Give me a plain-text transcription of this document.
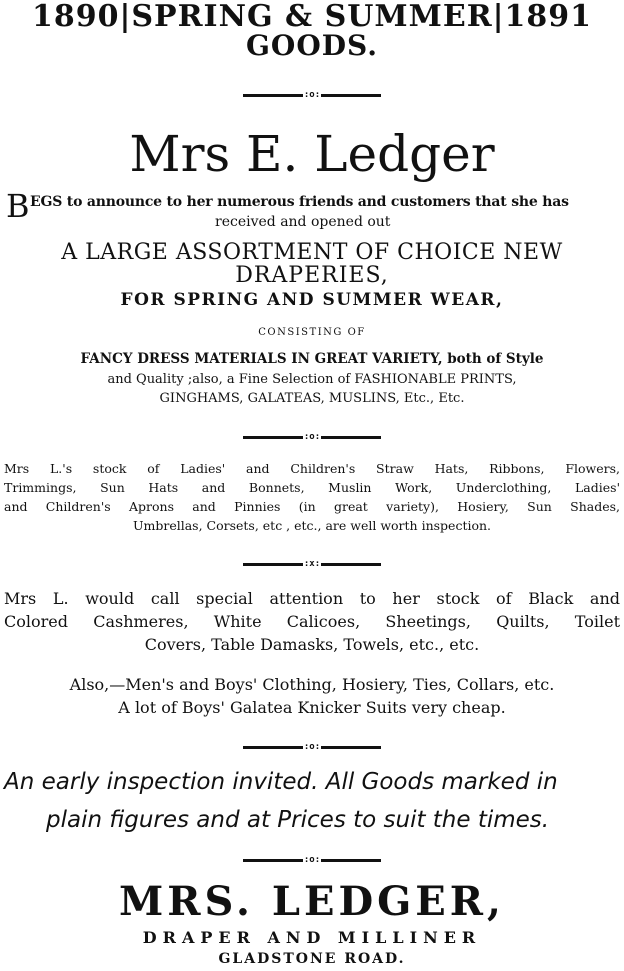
1890|SPRING & SUMMER|1891
GOODS.
:o:
Mrs E. Ledger
B EGS to announce to her numerous friends and customers that she has
received and opened out
A LARGE ASSORTMENT OF CHOICE NEW
DRAPERIES,
FOR SPRING AND SUMMER WEAR,
CONSISTING OF
FANCY DRESS MATERIALS IN GREAT VARIETY, both of Style
and Quality ;also, a Fine Selection of FASHIONABLE PRINTS,
GINGHAMS, GALATEAS, MUSLINS, Etc., Etc.
:o:
Mrs L.'s stock of Ladies' and Children's Straw Hats, Ribbons, Flowers,
Trimmings, Sun Hats and Bonnets, Muslin Work, Underclothing, Ladies'
and Children's Aprons and Pinnies (in great variety), Hosiery, Sun Shades,
Umbrellas, Corsets, etc , etc., are well worth inspection.
:x:
Mrs L. would call special attention to her stock of Black and
Colored Cashmeres, White Calicoes, Sheetings, Quilts, Toilet
Covers, Table Damasks, Towels, etc., etc.
Also,—Men's and Boys' Clothing, Hosiery, Ties, Collars, etc.
A lot of Boys' Galatea Knicker Suits very cheap.
:o:
An early inspection invited. All Goods marked in
plain figures and at Prices to suit the times.
:o:
MRS. LEDGER,
DRAPER AND MILLINER
GLADSTONE ROAD.
